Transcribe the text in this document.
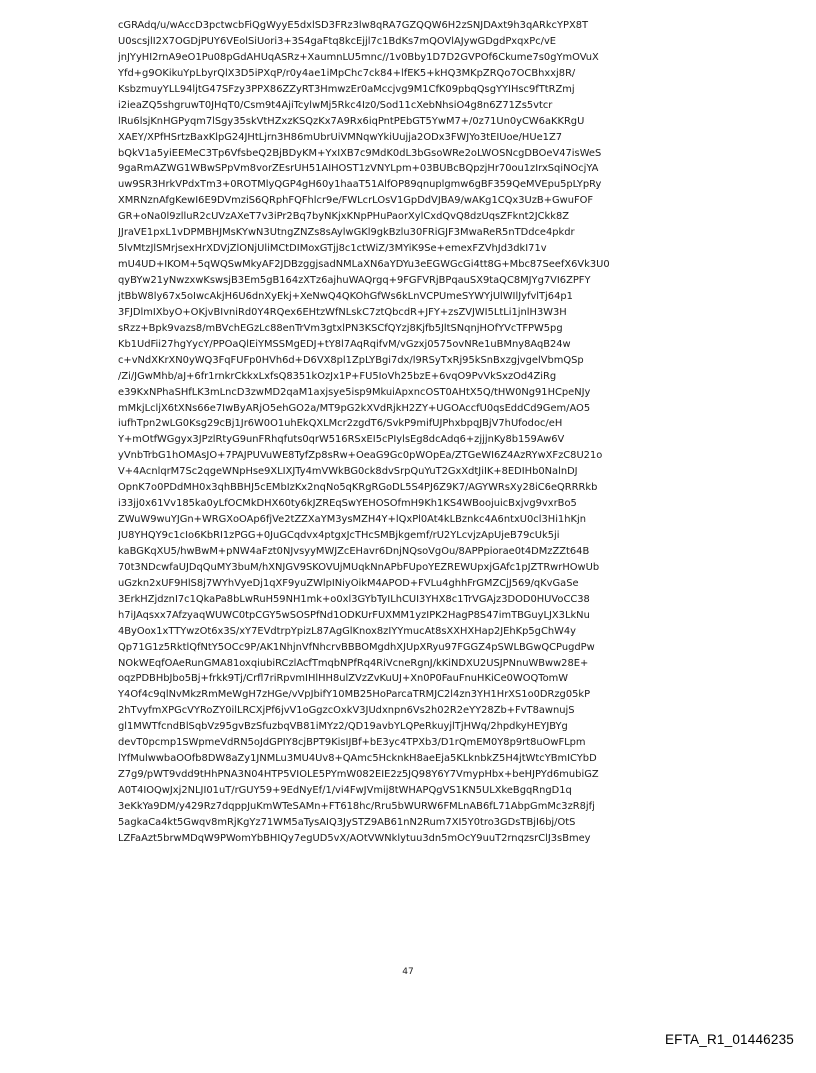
cGRAdq/u/wAccD3pctwcbFiQgWyyE5dxlSD3FRz3lw8qRA7GZQQW6H2zSNJDAxt9h3qARkcYPX8T
U0scsjlI2X7OGDjPUY6VEolSiUori3+3S4gaFtq8kcEjjl7c1BdKs7mQOVlAJywGDgdPxqxPc/vE
jnJYyHI2rnA9eO1Pu08pGdAHUqASRz+XaumnLU5mnc//1v0Bby1D7D2GVPOf6Ckume7s0gYmOVuX
Yfd+g9OKikuYpLbyrQlX3D5iPXqP/r0y4ae1iMpChc7ck84+lfEK5+kHQ3MKpZRQo7OCBhxxj8R/
KsbzmuyYLL94ljtG47SFzy3PPX86ZZyRT3HmwzEr0aMccjvg9M1CfK09pbqQsgYYIHsc9fTtRZmj
i2ieaZQ5shgruwT0JHqT0/Csm9t4AjiTcylwMj5Rkc4Iz0/Sod11cXebNhsiO4g8n6Z71Zs5vtcr
lRu6lsjKnHGPyqm7lSgy35skVtHZxzKSQzKx7A9Rx6iqPntPEbGT5YwM7+/0z71Un0yCW6aKKRgU
XAEY/XPfHSrtzBaxKlpG24JHtLjrn3H86mUbrUiVMNqwYkiUujja2ODx3FWJYo3tEIUoe/HUe1Z7
bQkV1a5yiEEMeC3Tp6VfsbeQ2BjBDyKM+YxIXB7c9MdK0dL3bGsoWRe2oLWOSNcgDBOeV47isWeS
9gaRmAZWG1WBwSPpVm8vorZEsrUH51AIHOST1zVNYLpm+03BUBcBQpzjHr70ou1zIrxSqiNOcjYA
uw9SR3HrkVPdxTm3+0ROTMlyQGP4gH60y1haaT51AlfOP89qnuplgmw6gBF359QeMVEpu5pLYpRy
XMRNznAfgKewI6E9DVmziS6QRphFQFhlcr9e/FWLcrLOsV1GpDdVJBA9/wAKg1CQx3UzB+GwuFOF
GR+oNa0l9zlluR2cUVzAXeT7v3iPr2Bq7byNKjxKNpPHuPaorXylCxdQvQ8dzUqsZFknt2JCkk8Z
JJraVE1pxL1vDPMBHJMsKYwN3UtngZNZs8sAylwGKl9gkBzlu30FRiGJF3MwaReR5nTDdce4pkdr
5lvMtzJlSMrjsexHrXDVjZlONjUliMCtDIMoxGTjj8c1ctWiZ/3MYiK9Se+emexFZVhJd3dkI71v
mU4UD+IKOM+5qWQSwMkyAF2JDBzggjsadNMLaXN6aYDYu3eEGWGcGi4tt8G+Mbc87SeefX6Vk3U0
qyBYw21yNwzxwKswsjB3Em5gB164zXTz6ajhuWAQrgq+9FGFVRjBPqauSX9taQC8MJYg7VI6ZPFY
jtBbW8ly67x5oIwcAkjH6U6dnXyEkj+XeNwQ4QKOhGfWs6kLnVCPUmeSYWYjUlWIlJyfvlTj64p1
3FJDlmIXbyO+OKjvBIvniRd0Y4RQex6EHtzWfNLskC7ztQbcdR+JFY+zsZVJWI5LtLi1jnlH3W3H
sRzz+Bpk9vazs8/mBVchEGzLc88enTrVm3gtxlPN3KSCfQYzj8Kjfb5JltSNqnjHOfYVcTFPW5pg
Kb1UdFii27hgYycY/PPOaQlEiYMSSMgEDJ+tY8l7AqRqifvM/vGzxj0575ovNRe1uBMny8AqB24w
c+vNdXKrXN0yWQ3FqFUFp0HVh6d+D6VX8pl1ZpLYBgi7dx/l9RSyTxRj95kSnBxzgjvgelVbmQSp
/Zi/JGwMhb/aJ+6fr1rnkrCkkxLxfsQ8351kOzJx1P+FU5IoVh25bzE+6vqO9PvVkSxzOd4ZiRg
e39KxNPhaSHfLK3mLncD3zwMD2qaM1axjsye5isp9MkuiApxncOST0AHtX5Q/tHW0Ng91HCpeNJy
mMkjLcljX6tXNs66e7IwByARjO5ehGO2a/MT9pG2kXVdRjkH2ZY+UGOAccfU0qsEddCd9Gem/AO5
iufhTpn2wLG0Ksg29cBj1Jr6W0O1uhEkQXLMcr2zgdT6/SvkP9mifUJPhxbpqJBjV7hUfodoc/eH
Y+mOtfWGgyx3JPzlRtyG9unFRhqfuts0qrW516RSxEI5cPIylsEg8dcAdq6+zjjjnKy8b159Aw6V
yVnbTrbG1hOMAsJO+7PAJPUVuWE8TyfZp8sRw+OeaG9Gc0pWOpEa/ZTGeWI6Z4AzRYwXFzC8U21o
V+4AcnlqrM7Sc2qgeWNpHse9XLIXJTy4mVWkBG0ck8dvSrpQuYuT2GxXdtJiIK+8EDIHb0NalnDJ
OpnK7o0PDdMH0x3qhBBHJ5cEMbIzKx2nqNo5qKRgRGoDL5S4PJ6Z9K7/AGYWRsXy28iC6eQRRRkb
i33jj0x61Vv185ka0yLfOCMkDHX60ty6kJZREqSwYEHOSOfmH9Kh1KS4WBoojuicBxjvg9vxrBo5
ZWuW9wuYJGn+WRGXoOAp6fjVe2tZZXaYM3ysMZH4Y+lQxPl0At4kLBznkc4A6ntxU0cl3Hi1hKjn
JU8YHQY9c1cIo6KbRI1zPGG+0JuGCqdvx4ptgxJcTHcSMBjkgemf/rU2YLcvjzApUjeB79cUk5ji
kaBGKqXU5/hwBwM+pNW4aFzt0NJvsyyMWJZcEHavr6DnjNQsoVgOu/8APPpiorae0t4DMzZZt64B
70t3NDcwfaUJDqQuMY3buM/hXNJGV9SKOVUjMUqkNnAPbFUpoYEZREWUpxjGAfc1pJZTRwrHOwUb
uGzkn2xUF9HlS8j7WYhVyeDj1qXF9yuZWlpINiyOikM4APOD+FVLu4ghhFrGMZCjJ569/qKvGaSe
3ErkHZjdznI7c1QkaPa8bLwRuH59NH1mk+o0xl3GYbTyILhCUI3YHX8c1TrVGAjz3DOD0HUVoCC38
h7iJAqsxx7AfzyaqWUWC0tpCGY5wSOSPfNd1ODKUrFUXMM1yzIPK2HagP8S47imTBGuyLJX3LkNu
4ByOox1xTTYwzOt6x3S/xY7EVdtrpYpizL87AgGlKnox8zIYYmucAt8sXXHXHap2JEhKp5gChW4y
Qp71G1z5RktlQfNtY5OCc9P/AK1NhjnVfNhcrvBBBOMgdhXJUpXRyu97FGGZ4pSWLBGwQCPugdPw
NOkWEqfOAeRunGMA81oxqiubiRCzlAcfTmqbNPfRq4RiVcneRgnJ/kKiNDXU2USJPNnuWBww28E+
oqzPDBHbJbo5Bj+frkk9Tj/Crfl7riRpvmIHlHH8ulZVzZvKuUJ+Xn0P0FauFnuHKiCe0WOQTomW
Y4Of4c9qlNvMkzRmMeWgH7zHGe/vVpJbifY10MB25HoParcaTRMJC2l4zn3YH1HrXS1o0DRzg05kP
2hTvyfmXPGcVYRoZY0ilLRCXjPf6jvV1oGgzcOxkV3JUdxnpn6Vs2h02R2eYY28Zb+FvT8awnujS
gl1MWTfcndBlSqbVz95gvBzSfuzbqVB81iMYz2/QD19avbYLQPeRkuyjlTjHWq/2hpdkyHEYJBYg
devT0pcmp1SWpmeVdRN5oJdGPIY8cjBPT9KisIJBf+bE3yc4TPXb3/D1rQmEM0Y8p9rt8uOwFLpm
lYfMulwwbaOOfb8DW8aZy1JNMLu3MU4Uv8+QAmc5HcknkH8aeEja5KLknbkZ5H4jtWtcYBmICYbD
Z7g9/pWT9vdd9tHhPNA3N04HTP5VIOLE5PYmW082EIE2z5JQ98Y6Y7VmypHbx+beHJPYd6mubiGZ
A0T4IOQwJxj2NLJI01uT/rGUY59+9EdNyEf/1/vi4FwJVmij8tWHAPQgVS1KN5ULXkeBgqRngD1q
3eKkYa9DM/y429Rz7dqppJuKmWTeSAMn+FT618hc/Rru5bWURW6FMLnAB6fL71AbpGmMc3zR8jfj
5agkaCa4kt5Gwqv8mRjKgYz71WM5aTysAIQ3JySTZ9AB61nN2Rum7XI5Y0tro3GDsTBjI6bj/OtS
LZFaAzt5brwMDqW9PWomYbBHIQy7egUD5vX/AOtVWNklytuu3dn5mOcY9uuT2rnqzsrClJ3sBmey
47
EFTA_R1_01446235
